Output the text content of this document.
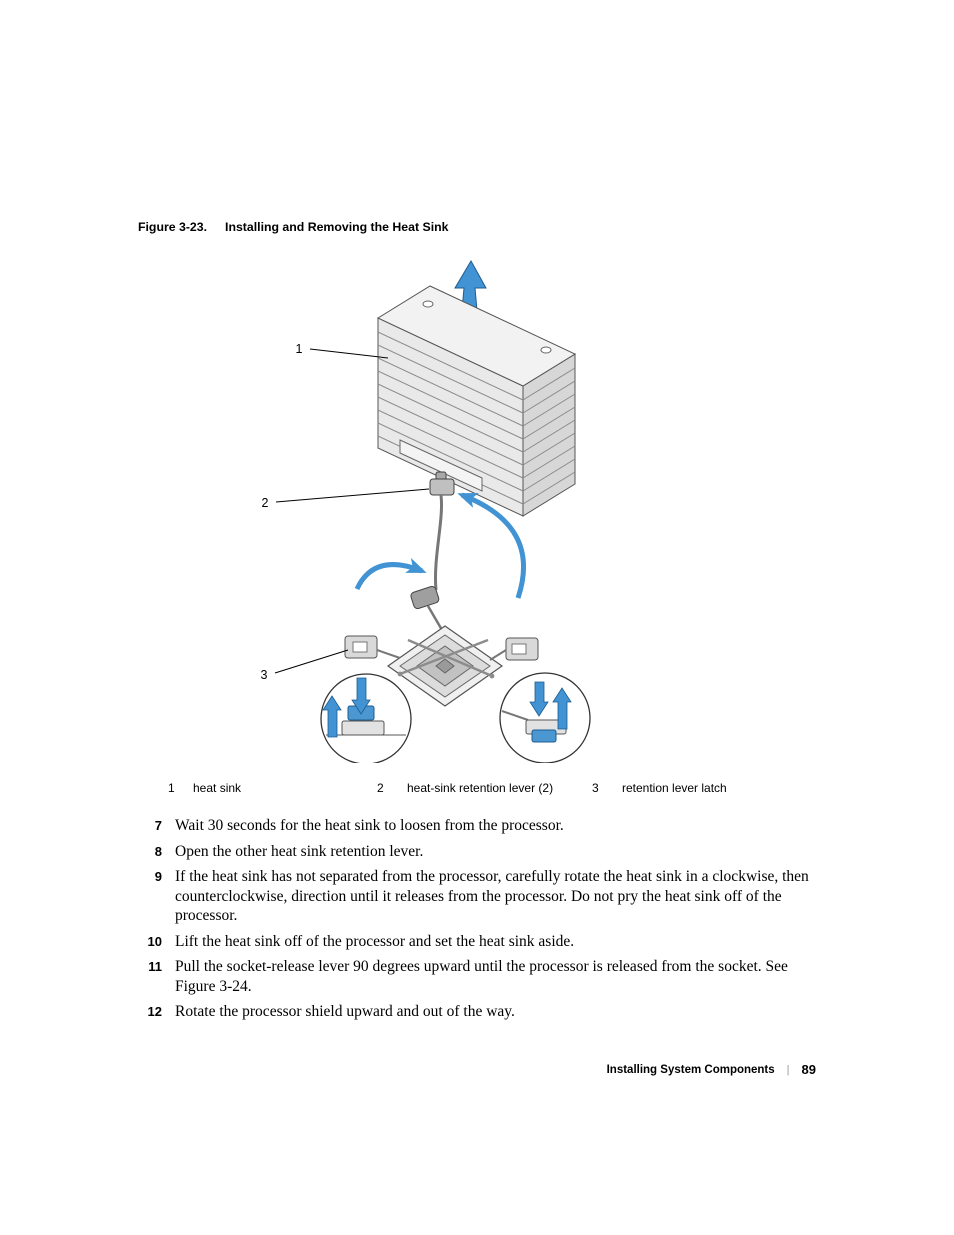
Figure 3-23. Installing and Removing the Heat Sink
1
2
3
1 heat sink	2 heat-sink retention lever (2)	3 retention lever latch
7 Wait 30 seconds for the heat sink to loosen from the processor.
8 Open the other heat sink retention lever.
9 If the heat sink has not separated from the processor, carefully rotate the heat sink in a clockwise, then counterclockwise, direction until it releases from the processor. Do not pry the heat sink off of the processor.
10 Lift the heat sink off of the processor and set the heat sink aside.
11 Pull the socket-release lever 90 degrees upward until the processor is released from the socket. See Figure 3-24.
12 Rotate the processor shield upward and out of the way.
Installing System Components | 89
